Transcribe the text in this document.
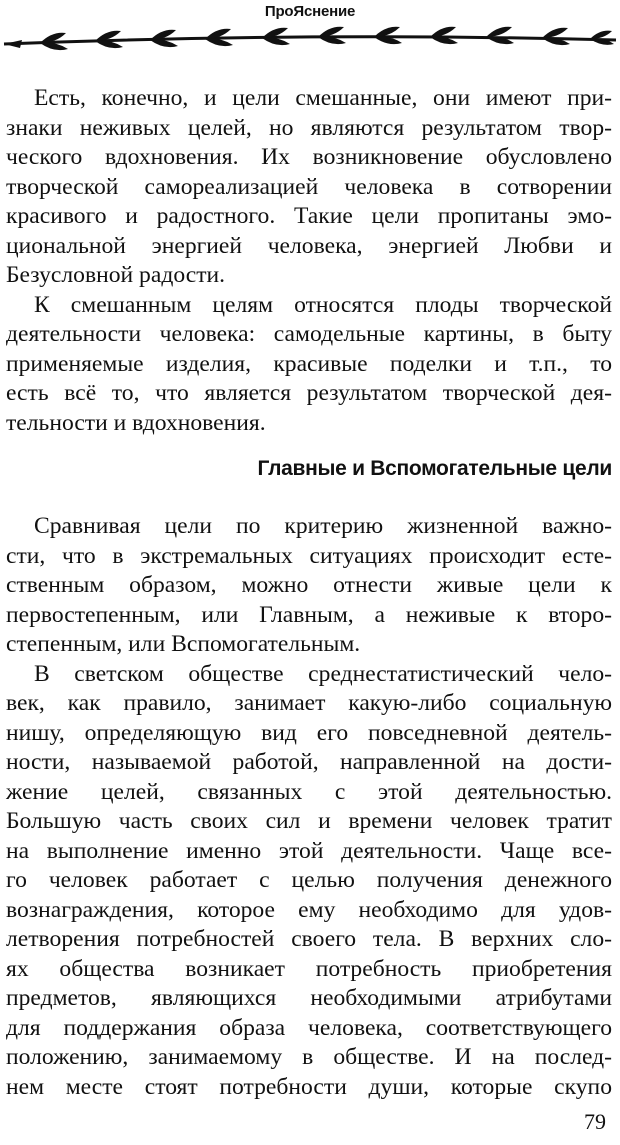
ПроЯснение
Есть, конечно, и цели смешанные, они имеют при-
знаки неживых целей, но являются результатом твор-
ческого вдохновения. Их возникновение обусловлено
творческой самореализацией человека в сотворении
красивого и радостного. Такие цели пропитаны эмо-
циональной энергией человека, энергией Любви и
Безусловной радости.
К смешанным целям относятся плоды творческой
деятельности человека: самодельные картины, в быту
применяемые изделия, красивые поделки и т.п., то
есть всё то, что является результатом творческой дея-
тельности и вдохновения.
Главные и Вспомогательные цели
Сравнивая цели по критерию жизненной важно-
сти, что в экстремальных ситуациях происходит есте-
ственным образом, можно отнести живые цели к
первостепенным, или Главным, а неживые к второ-
степенным, или Вспомогательным.
В светском обществе среднестатистический чело-
век, как правило, занимает какую-либо социальную
нишу, определяющую вид его повседневной деятель-
ности, называемой работой, направленной на дости-
жение целей, связанных с этой деятельностью.
Большую часть своих сил и времени человек тратит
на выполнение именно этой деятельности. Чаще все-
го человек работает с целью получения денежного
вознаграждения, которое ему необходимо для удов-
летворения потребностей своего тела. В верхних сло-
ях общества возникает потребность приобретения
предметов, являющихся необходимыми атрибутами
для поддержания образа человека, соответствующего
положению, занимаемому в обществе. И на послед-
нем месте стоят потребности души, которые скупо
79
